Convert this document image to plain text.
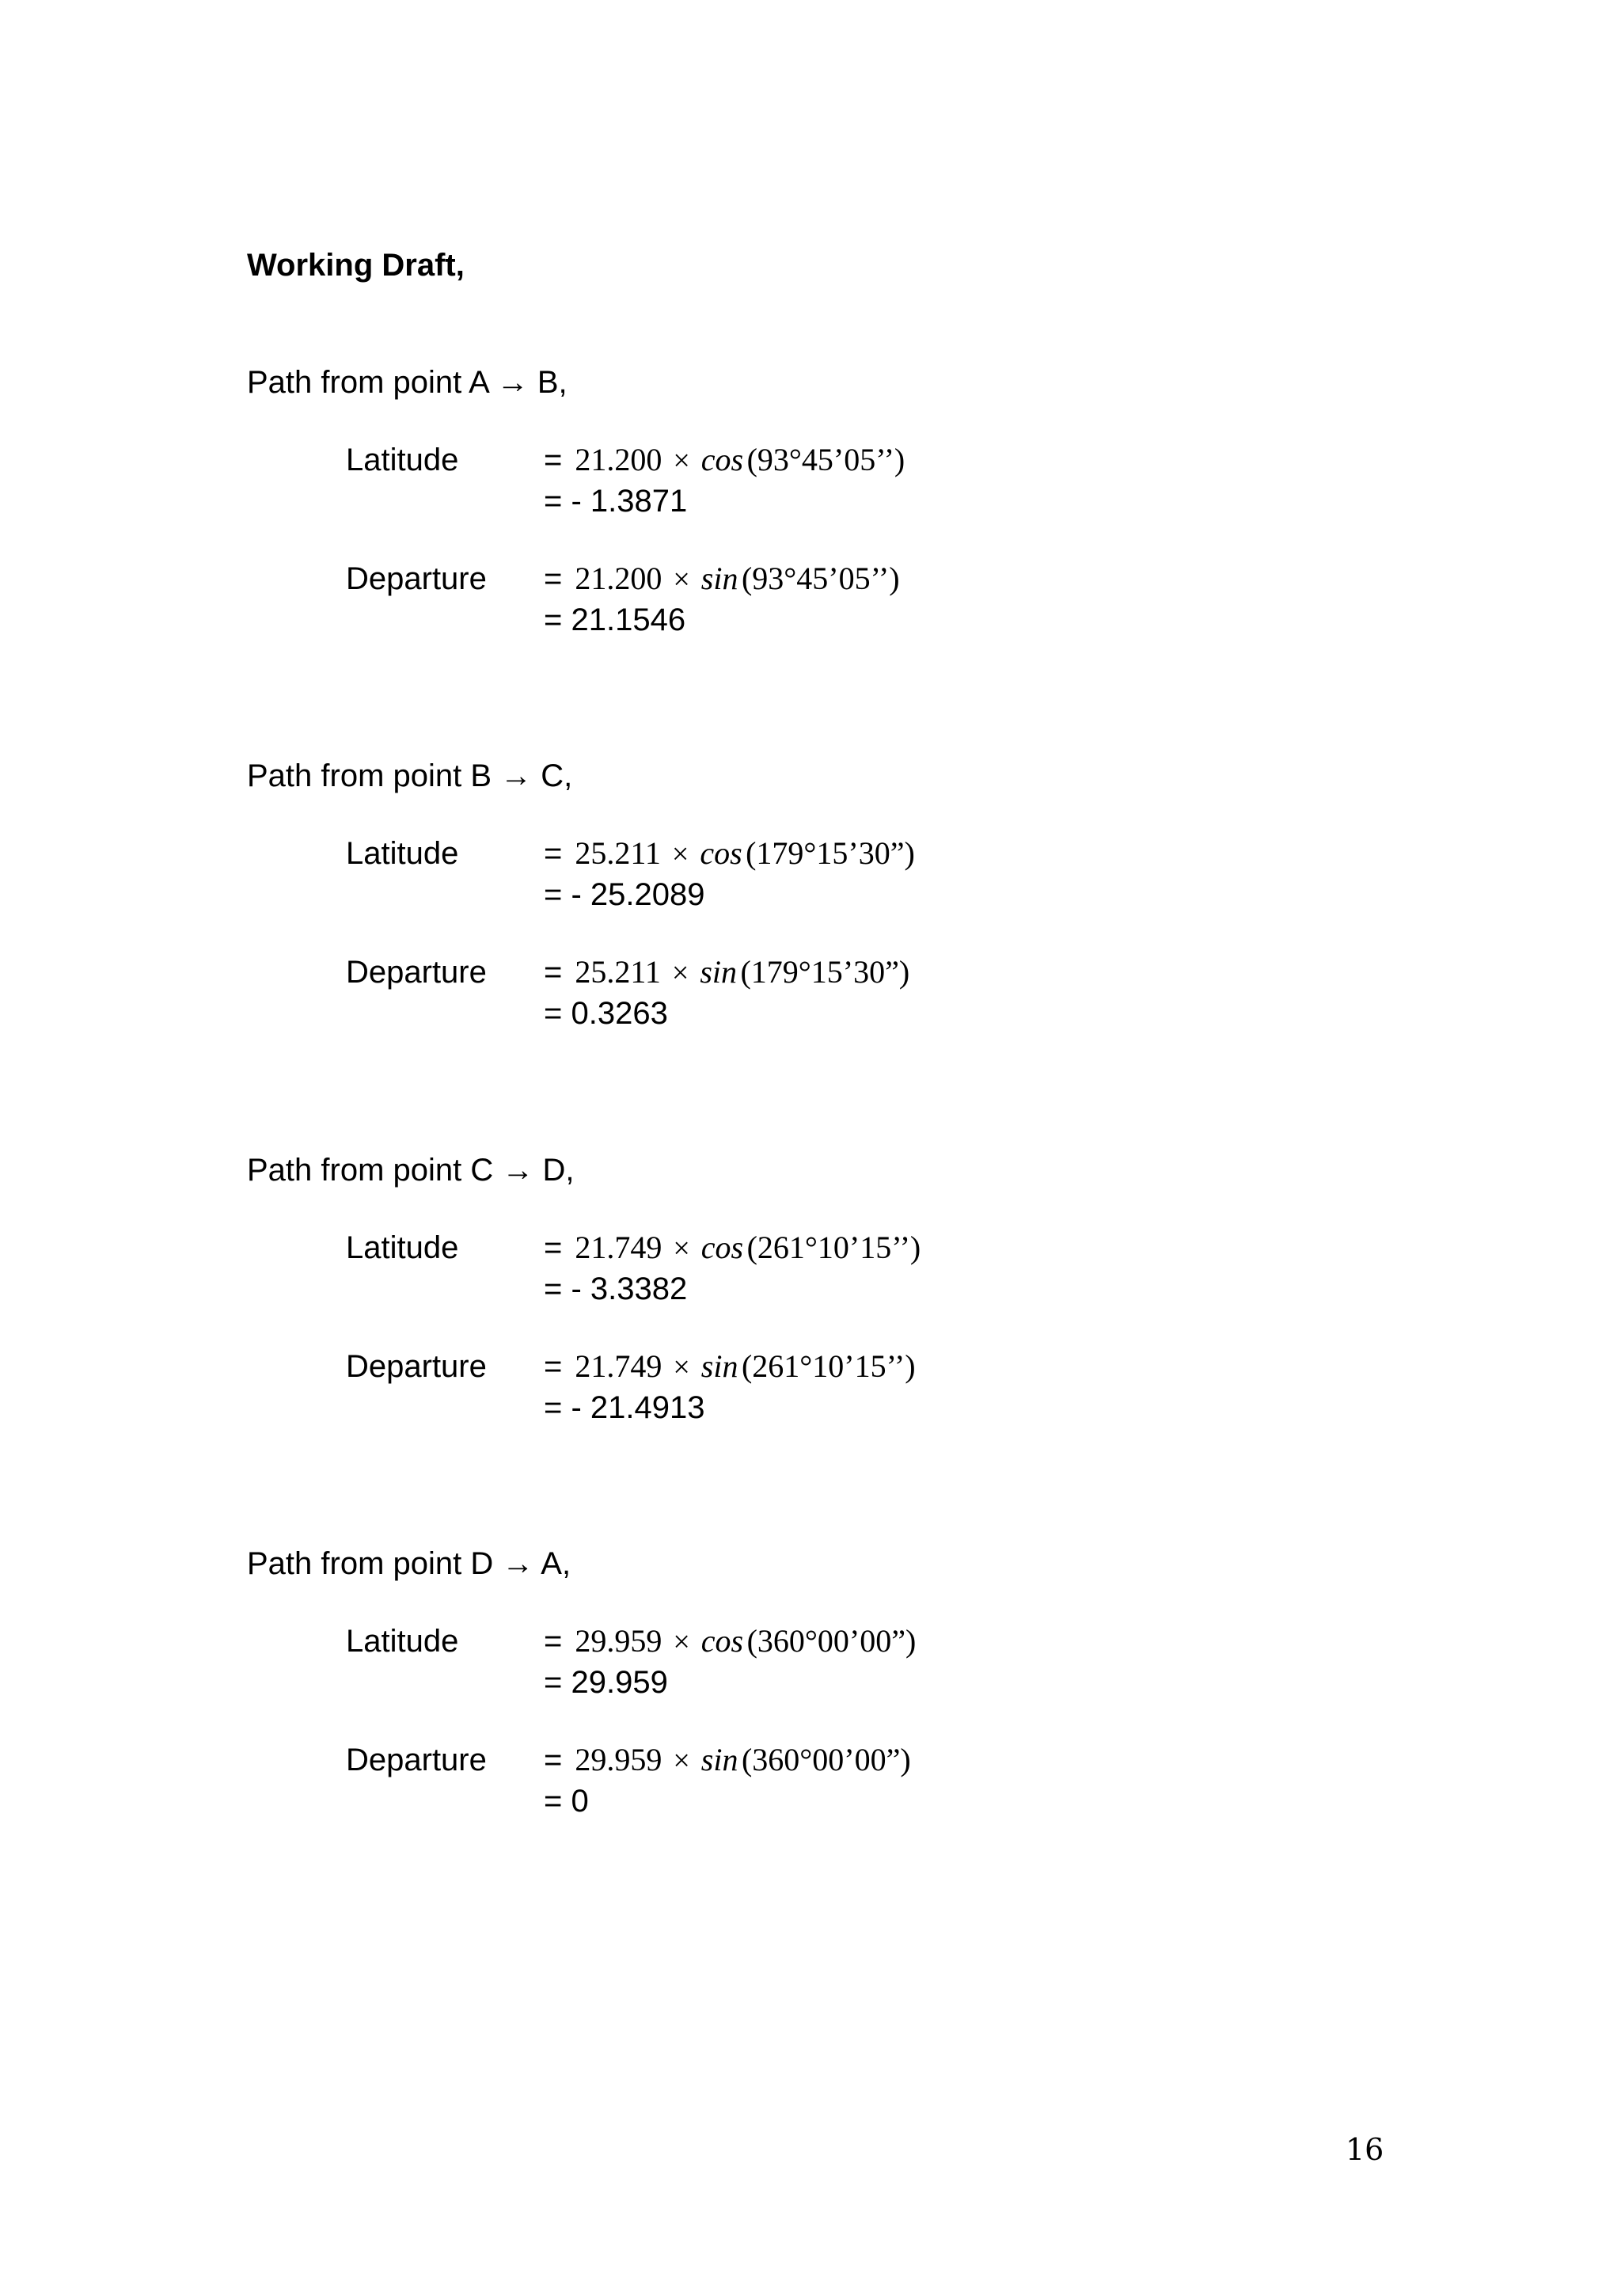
Working Draft,

Path from point A → B,

Latitude	= 21.200 × cos (93°45’05’’)
= - 1.3871
Departure = 21.200 × sin (93°45’05’’)
= 21.1546

Path from point B → C,

Latitude	= 25.211 × cos (179°15’30”)
= - 25.2089
Departure = 25.211 × sin (179°15’30”)
= 0.3263

Path from point C → D,

Latitude	= 21.749 × cos (261°10’15’’)
= - 3.3382
Departure = 21.749 × sin (261°10’15’’)
= - 21.4913

Path from point D → A,

Latitude	= 29.959 × cos (360°00’00”)
= 29.959
Departure = 29.959 × sin (360°00’00”)
= 0
16
